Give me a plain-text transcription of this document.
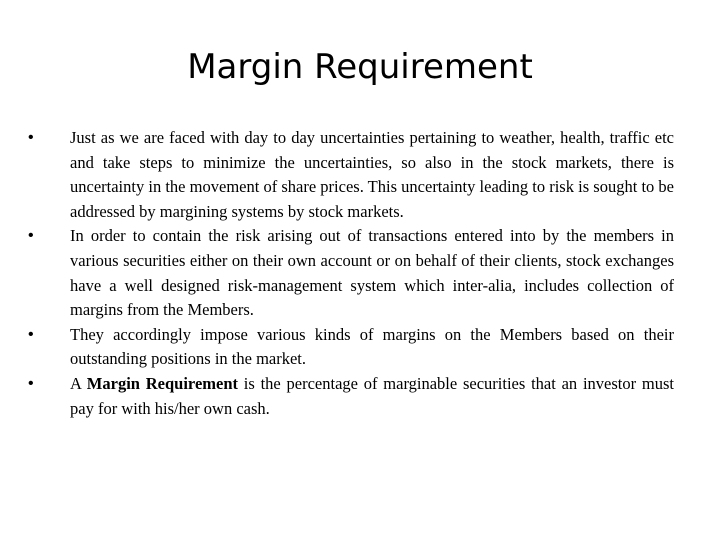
Margin Requirement
• Just as we are faced with day to day uncertainties pertaining to weather, health, traffic etc and take steps to minimize the uncertainties, so also in the stock markets, there is uncertainty in the movement of share prices. This uncertainty leading to risk is sought to be addressed by margining systems by stock markets.
• In order to contain the risk arising out of transactions entered into by the members in various securities either on their own account or on behalf of their clients, stock exchanges have a well designed risk-management system which inter-alia, includes collection of margins from the Members.
• They accordingly impose various kinds of margins on the Members based on their outstanding positions in the market.
• A Margin Requirement is the percentage of marginable securities that an investor must pay for with his/her own cash.
